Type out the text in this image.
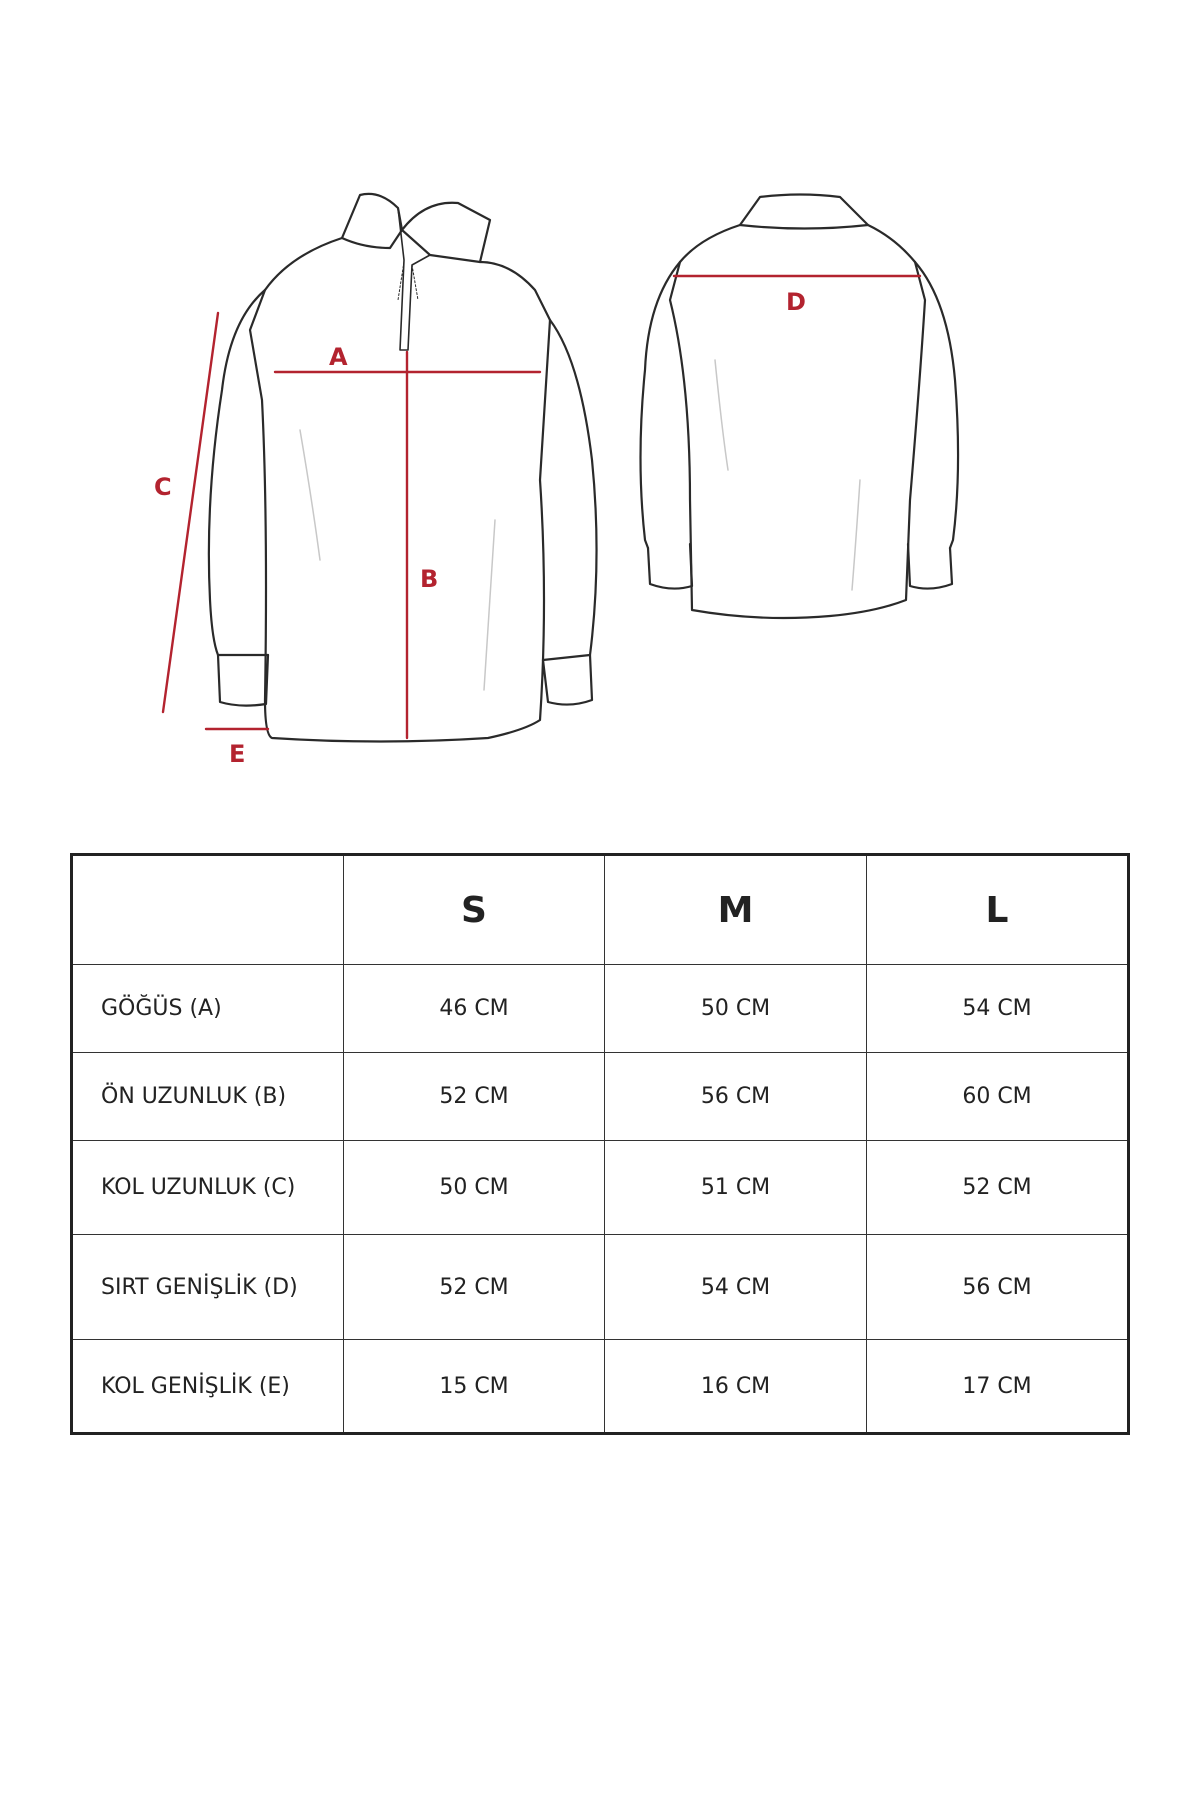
A
B
C
D
E
	S	M	L
GÖĞÜS (A)	46 CM	50 CM	54 CM
ÖN UZUNLUK (B)	52 CM	56 CM	60 CM
KOL UZUNLUK (C)	50 CM	51 CM	52 CM
SIRT GENİŞLİK (D)	52 CM	54 CM	56 CM
KOL GENİŞLİK (E)	15 CM	16 CM	17 CM
